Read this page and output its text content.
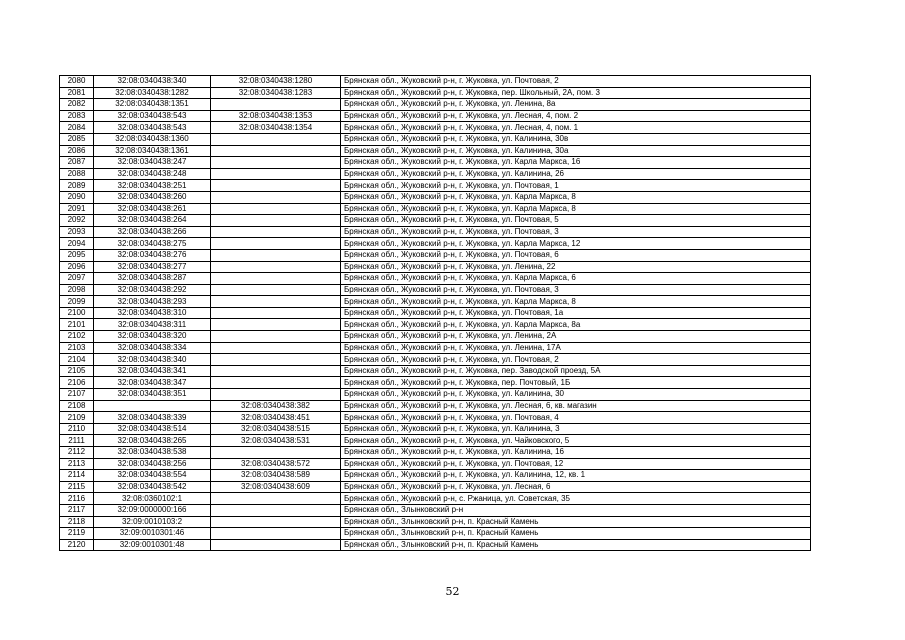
2080	32:08:0340438:340	32:08:0340438:1280	Брянская обл., Жуковский р-н, г. Жуковка, ул. Почтовая, 2
2081	32:08:0340438:1282	32:08:0340438:1283	Брянская обл., Жуковский р-н, г. Жуковка, пер. Школьный, 2А, пом. 3
2082	32:08:0340438:1351		Брянская обл., Жуковский р-н, г. Жуковка, ул. Ленина, 8а
2083	32:08:0340438:543	32:08:0340438:1353	Брянская обл., Жуковский р-н, г. Жуковка, ул. Лесная, 4, пом. 2
2084	32:08:0340438:543	32:08:0340438:1354	Брянская обл., Жуковский р-н, г. Жуковка, ул. Лесная, 4, пом. 1
2085	32:08:0340438:1360		Брянская обл., Жуковский р-н, г. Жуковка, ул. Калинина, 30в
2086	32:08:0340438:1361		Брянская обл., Жуковский р-н, г. Жуковка, ул. Калинина, 30а
2087	32:08:0340438:247		Брянская обл., Жуковский р-н, г. Жуковка, ул. Карла Маркса, 16
2088	32:08:0340438:248		Брянская обл., Жуковский р-н, г. Жуковка, ул. Калинина, 26
2089	32:08:0340438:251		Брянская обл., Жуковский р-н, г. Жуковка, ул. Почтовая, 1
2090	32:08:0340438:260		Брянская обл., Жуковский р-н, г. Жуковка, ул. Карла Маркса, 8
2091	32:08:0340438:261		Брянская обл., Жуковский р-н, г. Жуковка, ул. Карла Маркса, 8
2092	32:08:0340438:264		Брянская обл., Жуковский р-н, г. Жуковка, ул. Почтовая, 5
2093	32:08:0340438:266		Брянская обл., Жуковский р-н, г. Жуковка, ул. Почтовая, 3
2094	32:08:0340438:275		Брянская обл., Жуковский р-н, г. Жуковка, ул. Карла Маркса, 12
2095	32:08:0340438:276		Брянская обл., Жуковский р-н, г. Жуковка, ул. Почтовая, 6
2096	32:08:0340438:277		Брянская обл., Жуковский р-н, г. Жуковка, ул. Ленина, 22
2097	32:08:0340438:287		Брянская обл., Жуковский р-н, г. Жуковка, ул. Карла Маркса, 6
2098	32:08:0340438:292		Брянская обл., Жуковский р-н, г. Жуковка, ул. Почтовая, 3
2099	32:08:0340438:293		Брянская обл., Жуковский р-н, г. Жуковка, ул. Карла Маркса, 8
2100	32:08:0340438:310		Брянская обл., Жуковский р-н, г. Жуковка, ул. Почтовая, 1а
2101	32:08:0340438:311		Брянская обл., Жуковский р-н, г. Жуковка, ул. Карла Маркса, 8а
2102	32:08:0340438:320		Брянская обл., Жуковский р-н, г. Жуковка, ул. Ленина, 2А
2103	32:08:0340438:334		Брянская обл., Жуковский р-н, г. Жуковка, ул. Ленина, 17А
2104	32:08:0340438:340		Брянская обл., Жуковский р-н, г. Жуковка, ул. Почтовая, 2
2105	32:08:0340438:341		Брянская обл., Жуковский р-н, г. Жуковка, пер. Заводской проезд, 5А
2106	32:08:0340438:347		Брянская обл., Жуковский р-н, г. Жуковка, пер. Почтовый, 1Б
2107	32:08:0340438:351		Брянская обл., Жуковский р-н, г. Жуковка, ул. Калинина, 30
2108		32:08:0340438:382	Брянская обл., Жуковский р-н, г. Жуковка, ул. Лесная, 6, кв. магазин
2109	32:08:0340438:339	32:08:0340438:451	Брянская обл., Жуковский р-н, г. Жуковка, ул. Почтовая, 4
2110	32:08:0340438:514	32:08:0340438:515	Брянская обл., Жуковский р-н, г. Жуковка, ул. Калинина, 3
2111	32:08:0340438:265	32:08:0340438:531	Брянская обл., Жуковский р-н, г. Жуковка, ул. Чайковского, 5
2112	32:08:0340438:538		Брянская обл., Жуковский р-н, г. Жуковка, ул. Калинина, 16
2113	32:08:0340438:256	32:08:0340438:572	Брянская обл., Жуковский р-н, г. Жуковка, ул. Почтовая, 12
2114	32:08:0340438:554	32:08:0340438:589	Брянская обл., Жуковский р-н, г. Жуковка, ул. Калинина, 12, кв. 1
2115	32:08:0340438:542	32:08:0340438:609	Брянская обл., Жуковский р-н, г. Жуковка, ул. Лесная, 6
2116	32:08:0360102:1		Брянская обл., Жуковский р-н, с. Ржаница, ул. Советская, 35
2117	32:09:0000000:166		Брянская обл., Злынковский р-н
2118	32:09:0010103:2		Брянская обл., Злынковский р-н, п. Красный Камень
2119	32:09:0010301:46		Брянская обл., Злынковский р-н, п. Красный Камень
2120	32:09:0010301:48		Брянская обл., Злынковский р-н, п. Красный Камень
52
